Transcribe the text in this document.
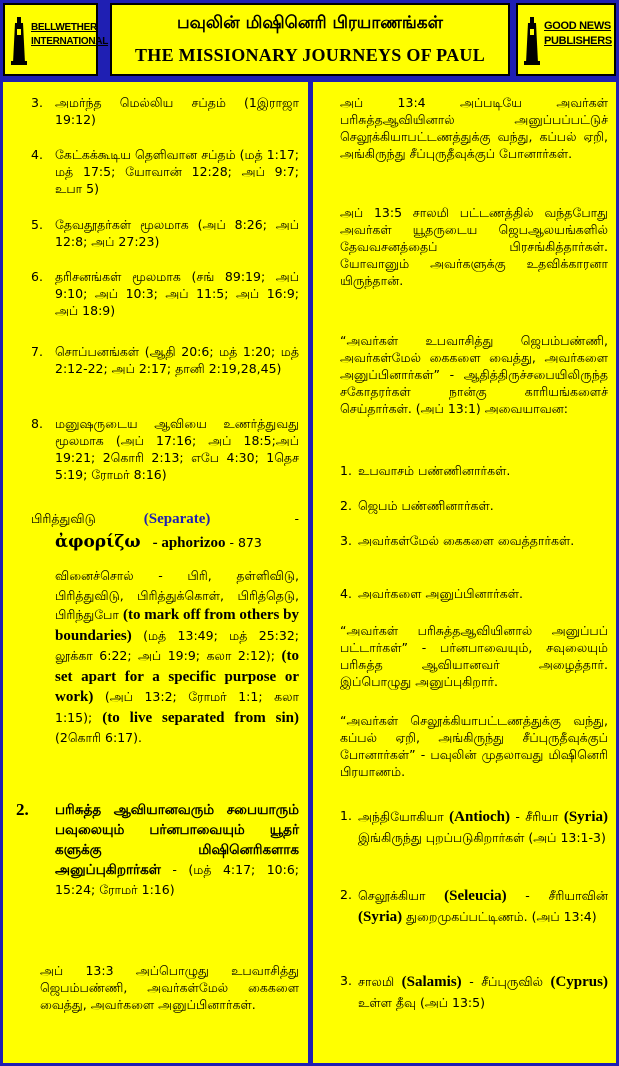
BELLWETHER
INTERNATIONAL
பவுலின் மிஷினெரி பிரயாணங்கள்
THE MISSIONARY JOURNEYS OF PAUL
GOOD NEWS
PUBLISHERS
3. அமர்ந்த மெல்லிய சப்தம் (1இராஜா 19:12)

4. கேட்கக்கூடிய தெளிவான சப்தம் (மத் 1:17; மத் 17:5; யோவான் 12:28; அப் 9:7; உபா 5)

5. தேவதூதர்கள் மூலமாக (அப் 8:26; அப் 12:8; அப் 27:23)

6. தரிசனங்கள் மூலமாக (சங் 89:19; அப் 9:10; அப் 10:3; அப் 11:5; அப் 16:9; அப் 18:9)

7. சொப்பனங்கள் (ஆதி 20:6; மத் 1:20; மத் 2:12-22; அப் 2:17; தானி 2:19,28,45)

8. மனுஷருடைய ஆவியை உணர்த்துவது மூலமாக (அப் 17:16; அப் 18:5;அப் 19:21; 2கொரி 2:13; எபே 4:30; 1தெச 5:19; ரோமர் 8:16)

பிரித்துவிடு	(Separate)	-
ἀφορίζω - aphorizoo - 873

வினைச்சொல் - பிரி, தள்ளிவிடு, பிரித்துவிடு, பிரித்துக்கொள், பிரித்தெடு, பிரிந்துபோ (to mark off from others by boundaries) (மத் 13:49; மத் 25:32; லூக்கா 6:22; அப் 19:9; கலா 2:12); (to set apart for a specific purpose or work) (அப் 13:2; ரோமர் 1:1; கலா 1:15); (to live separated from sin) (2கொரி 6:17).

2. பரிசுத்த ஆவியானவரும் சபையாரும் பவுலையும் பர்னபாவையும் யூதர் களுக்கு மிஷினெரிகளாக அனுப்புகிறார்கள் - (மத் 4:17; 10:6; 15:24; ரோமர் 1:16)

அப் 13:3 அப்பொழுது உபவாசித்து ஜெபம்பண்ணி, அவர்கள்மேல் கைகளை வைத்து, அவர்களை அனுப்பினார்கள்.

அப் 13:4 அப்படியே அவர்கள் பரிசுத்தஆவியினால் அனுப்பப்பட்டுச் செலூக்கியாபட்டணத்துக்கு வந்து, கப்பல் ஏறி, அங்கிருந்து சீப்புருதீவுக்குப் போனார்கள்.

அப் 13:5 சாலமி பட்டணத்தில் வந்தபோது அவர்கள் யூதருடைய ஜெபஆலயங்களில் தேவவசனத்தைப் பிரசங்கித்தார்கள். யோவானும் அவர்களுக்கு உதவிக்காரனா யிருந்தான்.

“அவர்கள் உபவாசித்து ஜெபம்பண்ணி, அவர்கள்மேல் கைகளை வைத்து, அவர்களை அனுப்பினார்கள்” - ஆதித்திருச்சபையிலிருந்த சகோதரர்கள் நான்கு காரியங்களைச் செய்தார்கள். (அப் 13:1) அவையாவன:

1. உபவாசம் பண்ணினார்கள்.

2. ஜெபம் பண்ணினார்கள்.

3. அவர்கள்மேல் கைகளை வைத்தார்கள்.

4. அவர்களை அனுப்பினார்கள்.

“அவர்கள் பரிசுத்தஆவியினால் அனுப்பப் பட்டார்கள்” - பர்னபாவையும், சவுலையும் பரிசுத்த ஆவியானவர் அழைத்தார். இப்பொழுது அனுப்புகிறார்.

“அவர்கள் செலூக்கியாபட்டணத்துக்கு வந்து, கப்பல் ஏறி, அங்கிருந்து சீப்புருதீவுக்குப் போனார்கள்” - பவுலின் முதலாவது மிஷினெரி பிரயாணம்.

1. அந்தியோகியா (Antioch) - சீரியா (Syria) இங்கிருந்து புறப்படுகிறார்கள் (அப் 13:1-3)

2. செலூக்கியா (Seleucia) - சீரியாவின் (Syria) துறைமுகப்பட்டிணம். (அப் 13:4)

3. சாலமி (Salamis) - சீப்புருவில் (Cyprus) உள்ள தீவு (அப் 13:5)
